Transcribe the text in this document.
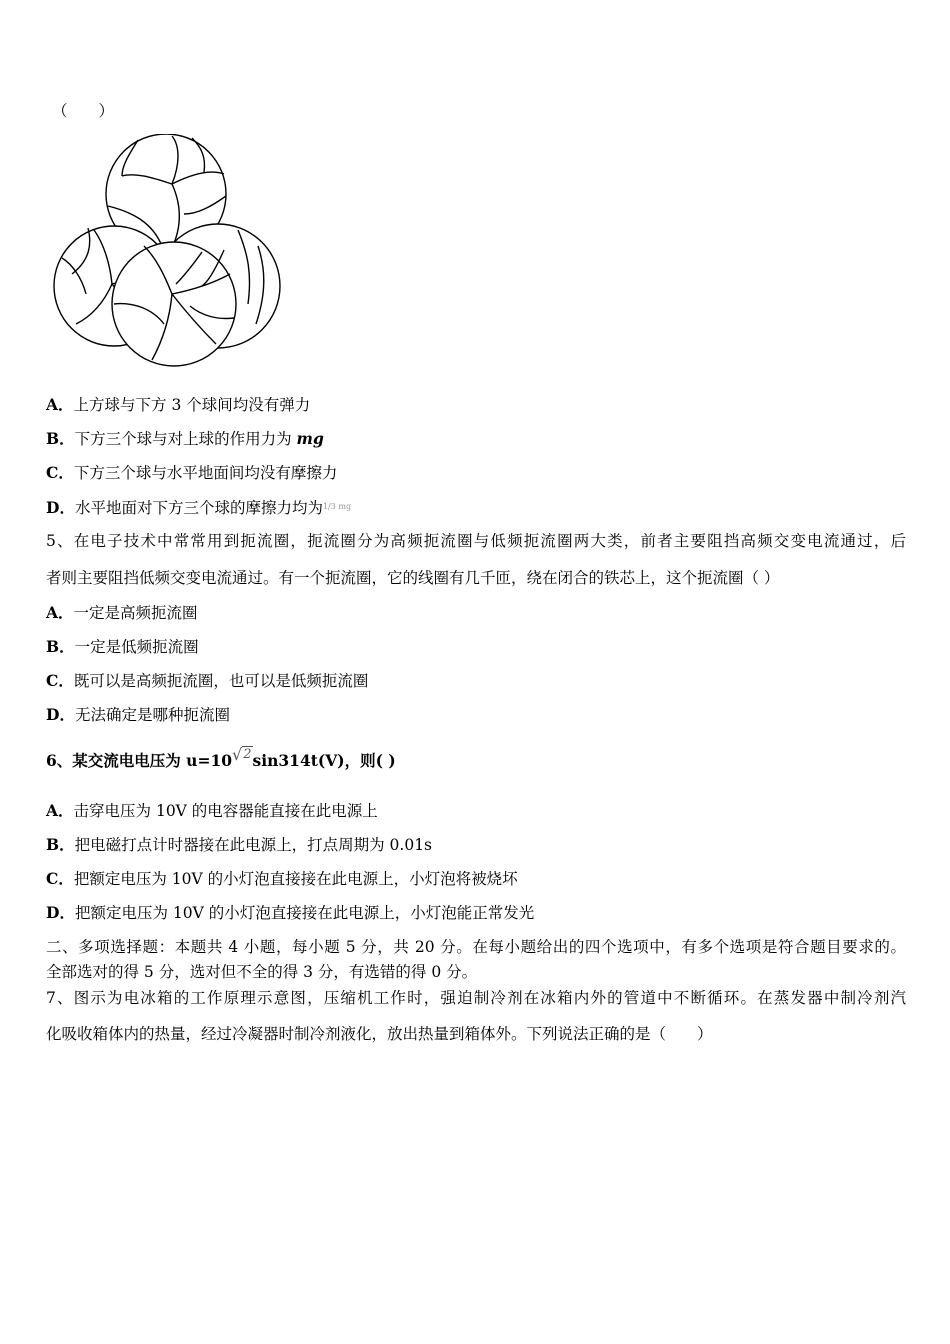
（　　）
A．上方球与下方 3 个球间均没有弹力
B．下方三个球与对上球的作用力为 mg
C．下方三个球与水平地面间均没有摩擦力
D．水平地面对下方三个球的摩擦力均为$^{1/3 mg}$
5、在电子技术中常常用到扼流圈，扼流圈分为高频扼流圈与低频扼流圈两大类，前者主要阻挡高频交变电流通过，后
者则主要阻挡低频交变电流通过。有一个扼流圈，它的线圈有几千匝，绕在闭合的铁芯上，这个扼流圈（ ）
A．一定是高频扼流圈
B．一定是低频扼流圈
C．既可以是高频扼流圈，也可以是低频扼流圈
D．无法确定是哪种扼流圈
6、某交流电电压为 u=10√$^2$sin314t(V)，则( )
A．击穿电压为 10V 的电容器能直接在此电源上
B．把电磁打点计时器接在此电源上，打点周期为 0.01s
C．把额定电压为 10V 的小灯泡直接接在此电源上，小灯泡将被烧坏
D．把额定电压为 10V 的小灯泡直接接在此电源上，小灯泡能正常发光
二、多项选择题：本题共 4 小题，每小题 5 分，共 20 分。在每小题给出的四个选项中，有多个选项是符合题目要求的。
全部选对的得 5 分，选对但不全的得 3 分，有选错的得 0 分。
7、图示为电冰箱的工作原理示意图，压缩机工作时，强迫制冷剂在冰箱内外的管道中不断循环。在蒸发器中制冷剂汽
化吸收箱体内的热量，经过冷凝器时制冷剂液化，放出热量到箱体外。下列说法正确的是（　　）
